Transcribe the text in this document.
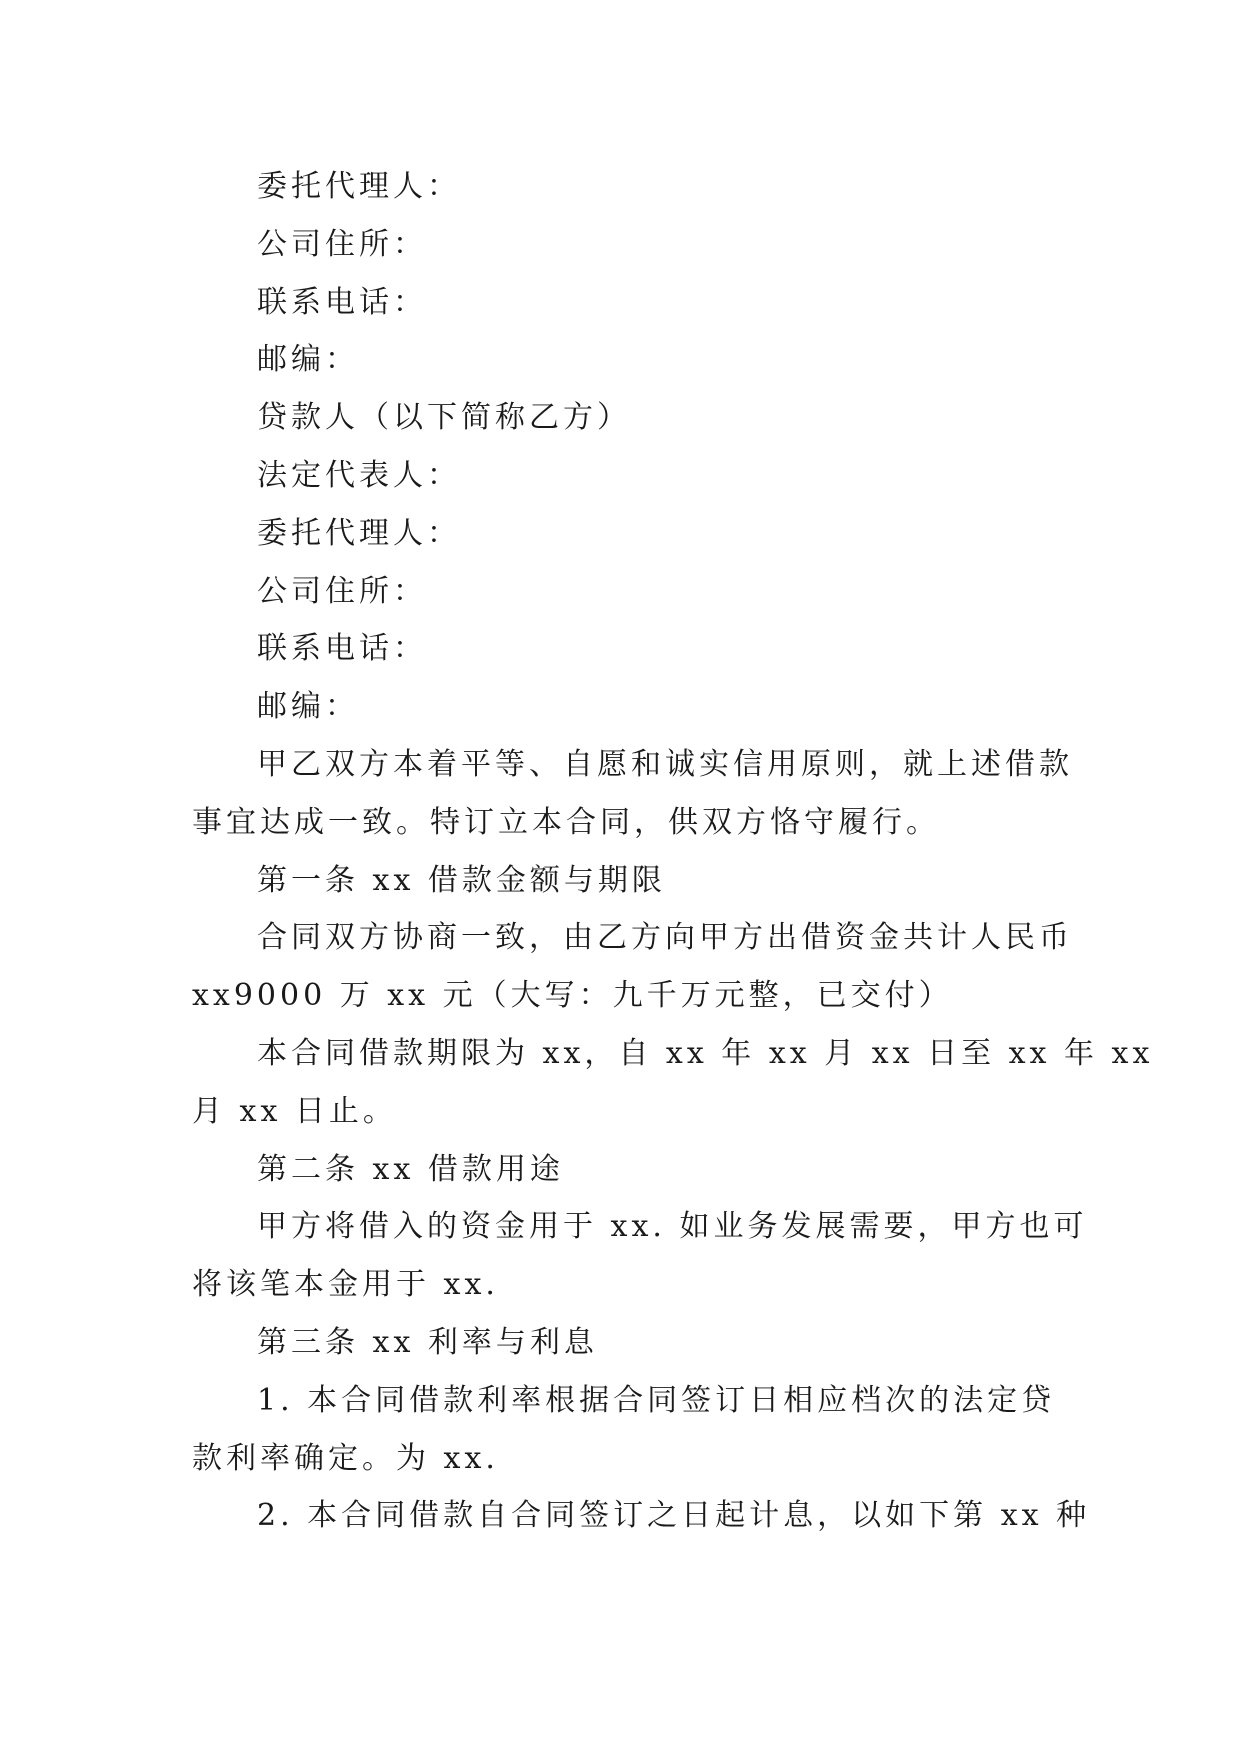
委托代理人：
公司住所：
联系电话：
邮编：
贷款人（以下简称乙方）
法定代表人：
委托代理人：
公司住所：
联系电话：
邮编：
甲乙双方本着平等、自愿和诚实信用原则，就上述借款
事宜达成一致。特订立本合同，供双方恪守履行。
第一条 xx 借款金额与期限
合同双方协商一致，由乙方向甲方出借资金共计人民币
xx9000 万 xx 元（大写：九千万元整，已交付）
本合同借款期限为 xx，自 xx 年 xx 月 xx 日至 xx 年 xx
月 xx 日止。
第二条 xx 借款用途
甲方将借入的资金用于 xx. 如业务发展需要，甲方也可
将该笔本金用于 xx.
第三条 xx 利率与利息
1. 本合同借款利率根据合同签订日相应档次的法定贷
款利率确定。为 xx.
2. 本合同借款自合同签订之日起计息，以如下第 xx 种
